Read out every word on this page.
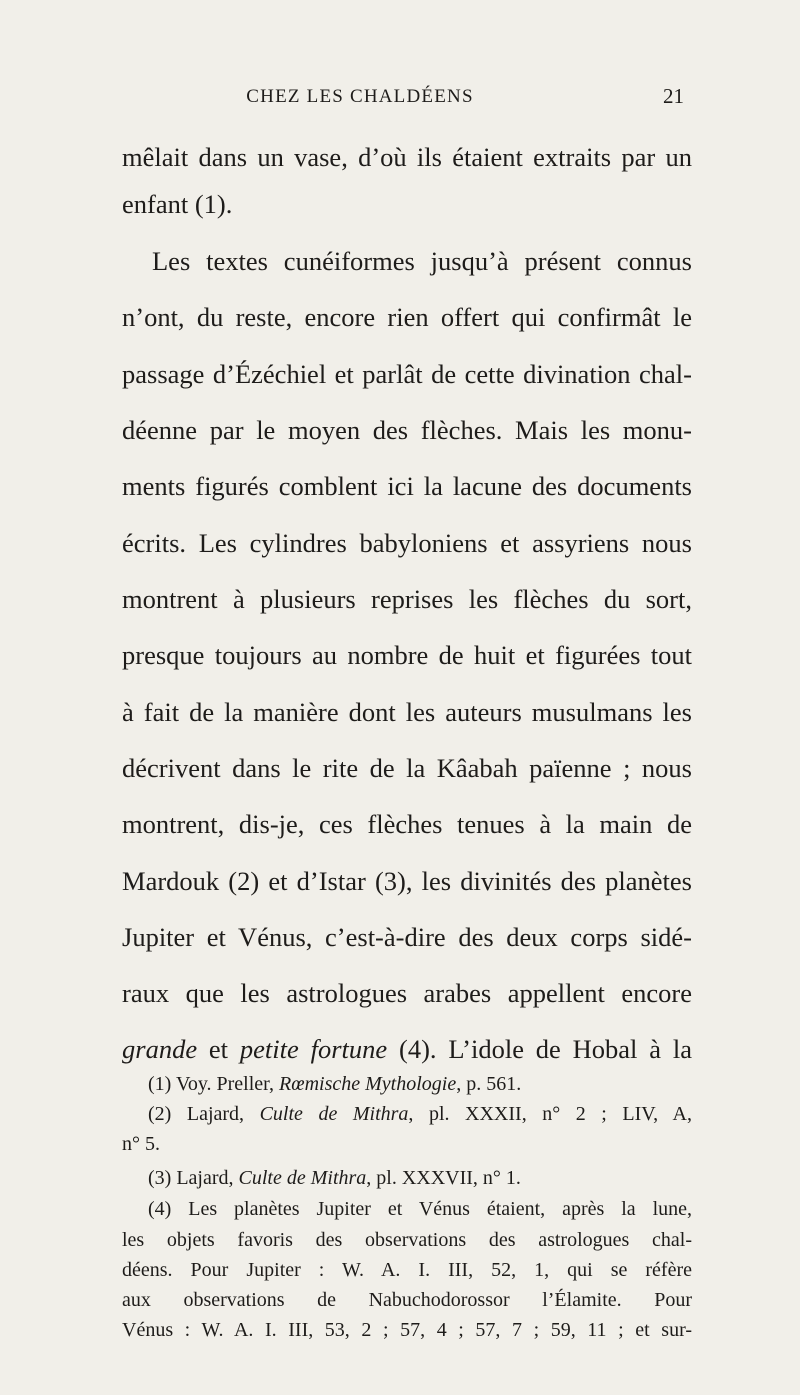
CHEZ LES CHALDÉENS	21
mêlait dans un vase, d’où ils étaient extraits par un
enfant (1).
Les textes cunéiformes jusqu’à présent connus
n’ont, du reste, encore rien offert qui confirmât le
passage d’Ézéchiel et parlât de cette divination chal-
déenne par le moyen des flèches. Mais les monu-
ments figurés comblent ici la lacune des documents
écrits. Les cylindres babyloniens et assyriens nous
montrent à plusieurs reprises les flèches du sort,
presque toujours au nombre de huit et figurées tout
à fait de la manière dont les auteurs musulmans les
décrivent dans le rite de la Kâabah païenne ; nous
montrent, dis-je, ces flèches tenues à la main de
Mardouk (2) et d’Istar (3), les divinités des planètes
Jupiter et Vénus, c’est-à-dire des deux corps sidé-
raux que les astrologues arabes appellent encore
grande et petite fortune (4). L’idole de Hobal à la
(1) Voy. Preller, Rœmische Mythologie, p. 561.
(2) Lajard, Culte de Mithra, pl. XXXII, n° 2 ; LIV, A,
n° 5.
(3) Lajard, Culte de Mithra, pl. XXXVII, n° 1.
(4) Les planètes Jupiter et Vénus étaient, après la lune,
les objets favoris des observations des astrologues chal-
déens. Pour Jupiter : W. A. I. III, 52, 1, qui se réfère
aux observations de Nabuchodorossor l’Élamite. Pour
Vénus : W. A. I. III, 53, 2 ; 57, 4 ; 57, 7 ; 59, 11 ; et sur-
